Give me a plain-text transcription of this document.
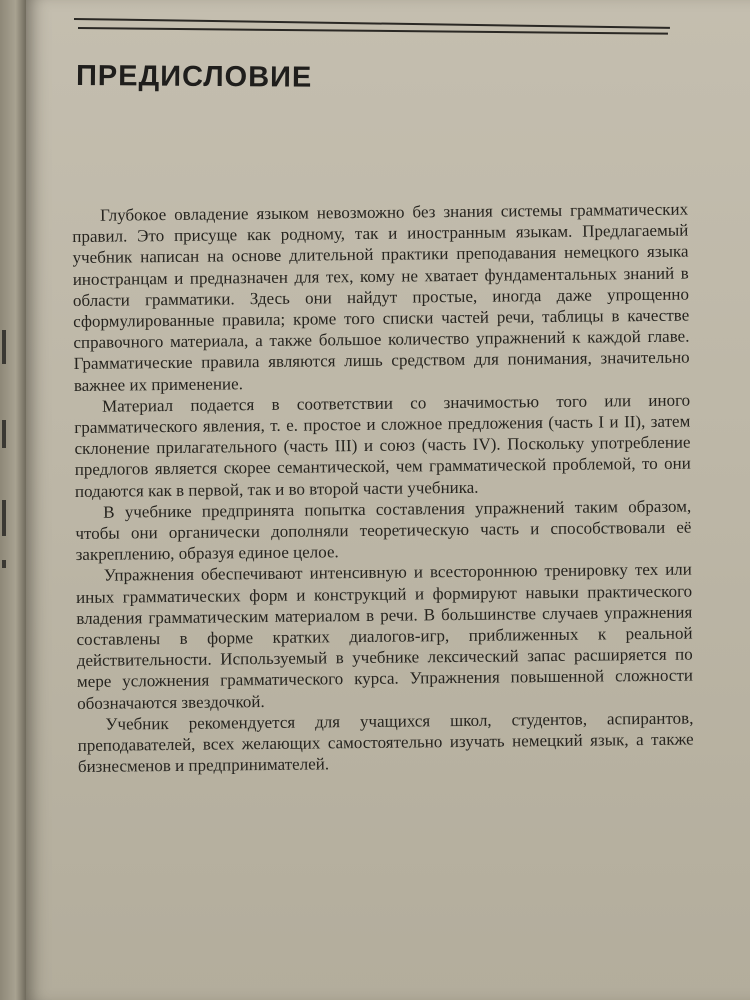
ПРЕДИСЛОВИЕ

Глубокое овладение языком невозможно без знания системы грамматических правил. Это присуще как родному, так и иностранным языкам. Предлагаемый учебник написан на основе длительной практики преподавания немецкого языка иностранцам и предназначен для тех, кому не хватает фундаментальных знаний в области грамматики. Здесь они найдут простые, иногда даже упрощенно сформулированные правила; кроме того списки частей речи, таблицы в качестве справочного материала, а также большое количество упражнений к каждой главе. Грамматические правила являются лишь средством для понимания, значительно важнее их применение.

Материал подается в соответствии со значимостью того или иного грамматического явления, т. е. простое и сложное предложения (часть I и II), затем склонение прилагательного (часть III) и союз (часть IV). Поскольку употребление предлогов является скорее семантической, чем грамматической проблемой, то они подаются как в первой, так и во второй части учебника.

В учебнике предпринята попытка составления упражнений таким образом, чтобы они органически дополняли теоретическую часть и способствовали её закреплению, образуя единое целое.

Упражнения обеспечивают интенсивную и всестороннюю тренировку тех или иных грамматических форм и конструкций и формируют навыки практического владения грамматическим материалом в речи. В большинстве случаев упражнения составлены в форме кратких диалогов-игр, приближенных к реальной действительности. Используемый в учебнике лексический запас расширяется по мере усложнения грамматического курса. Упражнения повышенной сложности обозначаются звездочкой.

Учебник рекомендуется для учащихся школ, студентов, аспирантов, преподавателей, всех желающих самостоятельно изучать немецкий язык, а также бизнесменов и предпринимателей.
